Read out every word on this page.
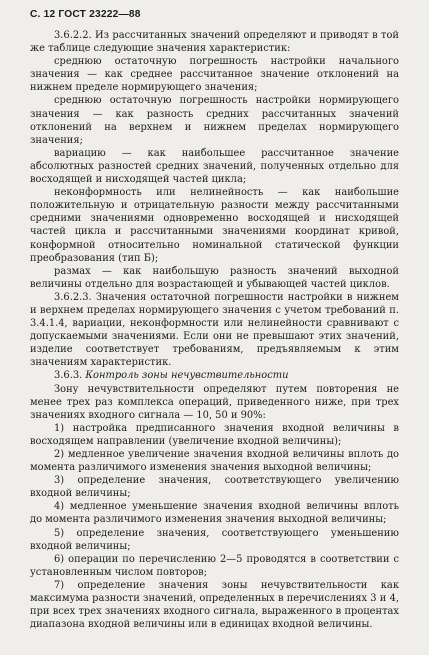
С. 12 ГОСТ 23222—88

3.6.2.2. Из рассчитанных значений определяют и приводят в той же таблице следующие значения характеристик:

среднюю остаточную погрешность настройки начального значения — как среднее рассчитанное значение отклонений на нижнем пределе нормирующего значения;

среднюю остаточную погрешность настройки нормирующего значения — как разность средних рассчитанных значений отклонений на верхнем и нижнем пределах нормирующего значения;

вариацию — как наибольшее рассчитанное значение абсолютных разностей средних значений, полученных отдельно для восходящей и нисходящей частей цикла;

неконформность или нелинейность — как наибольшие положительную и отрицательную разности между рассчитанными средними значениями одновременно восходящей и нисходящей частей цикла и рассчитанными значениями координат кривой, конформной относительно номинальной статической функции преобразования (тип Б);

размах — как наибольшую разность значений выходной величины отдельно для возрастающей и убывающей частей циклов.

3.6.2.3. Значения остаточной погрешности настройки в нижнем и верхнем пределах нормирующего значения с учетом требований п. 3.4.1.4, вариации, неконформности или нелинейности сравнивают с допускаемыми значениями. Если они не превышают этих значений, изделие соответствует требованиям, предъявляемым к этим значениям характеристик.

3.6.3. Контроль зоны нечувствительности

Зону нечувствительности определяют путем повторения не менее трех раз комплекса операций, приведенного ниже, при трех значениях входного сигнала — 10, 50 и 90%:

1) настройка предписанного значения входной величины в восходящем направлении (увеличение входной величины);

2) медленное увеличение значения входной величины вплоть до момента различимого изменения значения выходной величины;

3) определение значения, соответствующего увеличению входной величины;

4) медленное уменьшение значения входной величины вплоть до момента различимого изменения значения выходной величины;

5) определение значения, соответствующего уменьшению входной величины;

6) операции по перечислению 2—5 проводятся в соответствии с установленным числом повторов;

7) определение значения зоны нечувствительности как максимума разности значений, определенных в перечислениях 3 и 4, при всех трех значениях входного сигнала, выраженного в процентах диапазона входной величины или в единицах входной величины.
